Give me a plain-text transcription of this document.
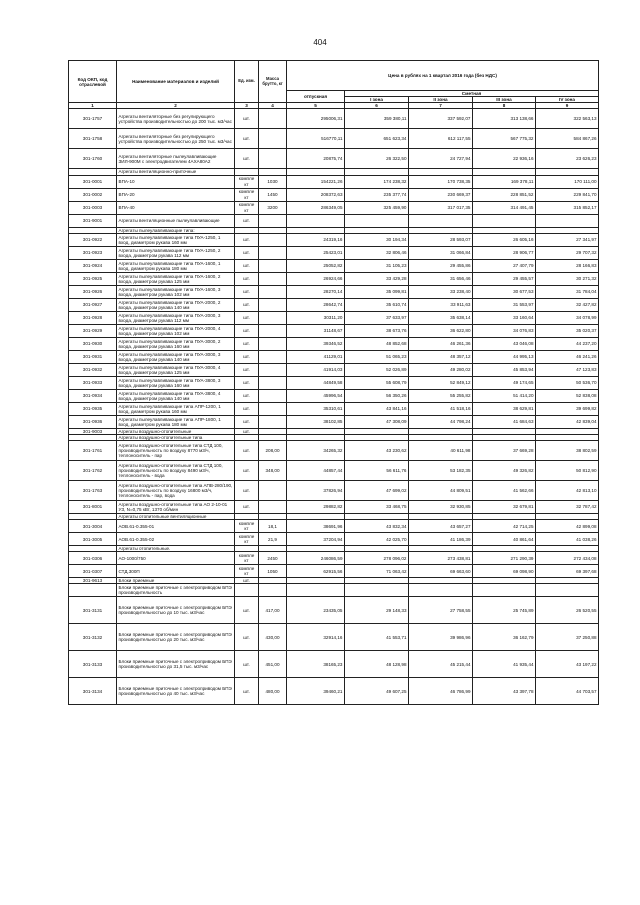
404
Код ОКП, код отраслевой	Наименование материалов и изделий	Ед. изм.	Масса брутто, кг	Цена в рублях на 1 квартал 2016 года (без НДС)				
				отпускная	Сметная			
					I зона	II зона	III зона	IV зона
1	2	3	4	5	6	7	8	9
301-1757	Агрегаты вентиляторные без регулирующего устройства производительностью до 200 тыс. м3/час	шт.		295006,31	359 380,11	337 592,07	313 138,66	322 563,13
301-1758	Агрегаты вентиляторные без регулирующего устройства производительностью до 250 тыс. м3/час	шт.		516770,11	651 623,34	612 117,55	567 775,32	584 867,26
301-1760	Агрегаты вентиляторные пылеулавливающие ЗИЛ-900М с электродвигателем 4АХА80А2	шт.		20875,74	26 322,50	24 727,94	22 936,16	23 626,23
	Агрегаты вентиляционно-приточные							
301-0001	ВПА-10	компле кт	1030	154221,26	174 238,32	170 738,35	169 378,11	170 111,00
301-0002	ВПА-20	компле кт	1450	208372,63	235 377,74	230 669,37	228 851,52	229 841,70
301-0003	ВПА-40	компле кт	3200	286349,05	325 459,90	317 017,35	314 491,45	315 852,17
301-9001	Агрегаты вентиляционные пылеулавливающие	шт.						
	Агрегаты пылеулавливающие типа:							
301-0922	Агрегаты пылеулавливающие типа ПУА-1250, 1 вход, диаметром рукава 160 мм	шт.		24319,16	30 194,34	28 593,07	26 605,16	27 341,97
301-0923	Агрегаты пылеулавливающие типа ПУА-1250, 2 входа, диаметром рукава 112 мм	шт.		25423,01	32 806,46	31 066,84	28 906,77	29 707,32
301-0924	Агрегаты пылеулавливающие типа ПУА-1600, 1 вход, диаметром рукава 180 мм	шт.		25052,82	31 105,23	29 455,86	27 407,79	28 166,83
301-0925	Агрегаты пылеулавливающие типа ПУА-1600, 2 входа, диаметром рукава 125 мм	шт.		26924,66	33 429,28	31 656,46	29 455,57	30 271,32
301-0926	Агрегаты пылеулавливающие типа ПУА-1600, 3 входа, диаметром рукава 102 мм	шт.		28270,14	35 099,81	33 238,40	30 677,53	31 784,04
301-0927	Агрегаты пылеулавливающие типа ПУА-2000, 2 входа, диаметром рукава 140 мм	шт.		28642,74	35 610,74	33 911,63	31 553,97	32 427,82
301-0928	Агрегаты пылеулавливающие типа ПУА-2000, 3 входа, диаметром рукава 112 мм	шт.		30311,20	37 633,97	35 638,14	33 160,64	34 078,99
301-0929	Агрегаты пылеулавливающие типа ПУА-2000, 4 входа, диаметром рукава 102 мм	шт.		31148,67	38 673,76	36 622,80	34 076,83	35 020,37
301-0930	Агрегаты пылеулавливающие типа ПУА-3000, 2 входа, диаметром рукава 160 мм	шт.		39346,52	48 852,68	46 261,36	43 046,08	44 237,20
301-0931	Агрегаты пылеулавливающие типа ПУА-3000, 3 входа, диаметром рукава 140 мм	шт.		41129,01	51 065,23	48 357,12	44 995,13	46 241,26
301-0932	Агрегаты пылеулавливающие типа ПУА-3000, 4 входа, диаметром рукава 125 мм	шт.		41914,03	52 026,89	49 280,02	45 853,94	47 123,83
301-0933	Агрегаты пылеулавливающие типа ПУА-3800, 3 входа, диаметром рукава 160 мм	шт.		44849,58	55 608,79	52 849,12	49 174,65	50 536,70
301-0934	Агрегаты пылеулавливающие типа ПУА-3800, 4 входа, диаметром рукава 140 мм	шт.		45996,54	56 350,26	55 255,82	51 414,20	52 838,08
301-0935	Агрегаты пылеулавливающие типа АПР-1200, 1 вход, диаметром рукава 160 мм	шт.		35310,61	43 841,16	41 518,16	38 629,81	39 699,82
301-0936	Агрегаты пылеулавливающие типа АПР-1800, 1 вход, диаметром рукава 180 мм	шт.		38102,85	47 308,09	44 798,24	41 684,63	42 839,04
301-9003	Агрегаты воздушно-отопительные	шт.						
	Агрегаты воздушно-отопительные типа							
301-1761	Агрегаты воздушно-отопительные типа СТД 100, производительность по воздуху 8770 м3/ч, теплоноситель - пар	шт.	208,00	34265,32	43 230,62	40 611,98	37 669,28	38 802,59
301-1762	Агрегаты воздушно-отопительные типа СТД 100, производительность по воздуху 8490 м3/ч, теплоноситель - вода	шт.	348,00	44857,44	56 611,76	53 182,35	49 326,82	50 812,90
301-1763	Агрегаты воздушно-отопительные типа АПВ-280/190, производительность по воздуху 16800 м3/ч, теплоноситель - пар, вода	шт.		37826,94	47 699,02	44 809,51	41 562,66	42 813,10
301-8001	Агрегаты воздушно-отопительные типа АО 2-10-01 УЗ, N=0,75 кВт, 1370 об/мин	шт.		29882,82	33 468,75	32 930,85	32 679,81	32 787,42
	Агрегаты отопительные вентиляционные							
301-3004	АОВ.61-0.355-01	компле кт	18,1	38691,96	43 832,34	43 657,27	42 714,25	42 899,08
301-3005	АОВ.61-0.355-02	компле кт	21,9	37204,94	42 025,70	41 186,39	40 861,64	41 038,26
	Агрегаты отопительные.							
301-0306	АО-1000/750	компле кт	2450	246086,59	278 096,02	273 438,81	271 290,39	272 434,08
301-0307	СТД.300П	компле кт	1050	62915,56	71 063,42	69 663,60	69 098,90	69 397,68
301-9613	Блоки приемные	шт.						
	Блоки приемные приточные с электроприводом БПЭ производительность							
301-3131	Блоки приемные приточные с электроприводом БПЭ производительностью до 10 тыс. м3/час	шт.	417,00	23435,05	29 148,33	27 758,55	25 745,89	26 520,55
301-3132	Блоки приемные приточные с электроприводом БПЭ производительностью до 20 тыс. м3/час	шт.	430,00	32914,16	41 553,71	39 986,96	36 162,79	37 250,88
301-3133	Блоки приемные приточные с электроприводом БПЭ производительностью до 31,5 тыс. м3/час	шт.	451,00	38165,23	48 128,98	45 215,44	41 935,44	43 197,22
301-3134	Блоки приемные приточные с электроприводом БПЭ производительностью до 40 тыс. м3/час	шт.	480,00	39460,21	49 607,25	46 786,99	43 397,78	44 703,57
